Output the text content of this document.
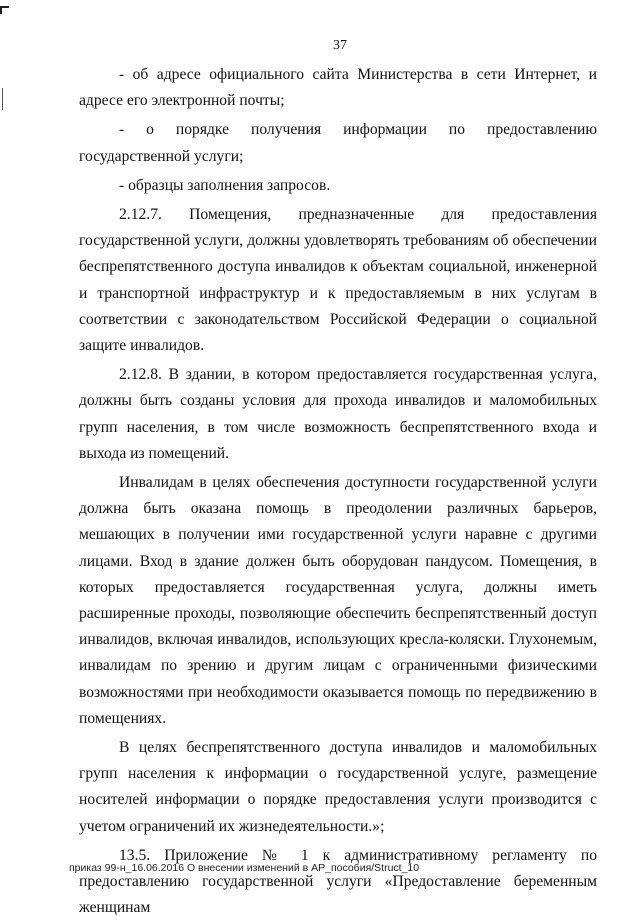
37

- об адресе официального сайта Министерства в сети Интернет, и адресе его электронной почты;

- о порядке получения информации по предоставлению государственной услуги;

- образцы заполнения запросов.

2.12.7. Помещения, предназначенные для предоставления государственной услуги, должны удовлетворять требованиям об обеспечении беспрепятственного доступа инвалидов к объектам социальной, инженерной и транспортной инфраструктур и к предоставляемым в них услугам в соответствии с законодательством Российской Федерации о социальной защите инвалидов.

2.12.8. В здании, в котором предоставляется государственная услуга, должны быть созданы условия для прохода инвалидов и маломобильных групп населения, в том числе возможность беспрепятственного входа и выхода из помещений.

Инвалидам в целях обеспечения доступности государственной услуги должна быть оказана помощь в преодолении различных барьеров, мешающих в получении ими государственной услуги наравне с другими лицами. Вход в здание должен быть оборудован пандусом. Помещения, в которых предоставляется государственная услуга, должны иметь расширенные проходы, позволяющие обеспечить беспрепятственный доступ инвалидов, включая инвалидов, использующих кресла-коляски. Глухонемым, инвалидам по зрению и другим лицам с ограниченными физическими возможностями при необходимости оказывается помощь по передвижению в помещениях.

В целях беспрепятственного доступа инвалидов и маломобильных групп населения к информации о государственной услуге, размещение носителей информации о порядке предоставления услуги производится с учетом ограничений их жизнедеятельности.»;

13.5. Приложение № 1 к административному регламенту по предоставлению государственной услуги «Предоставление беременным женщинам

приказ 99-н_16.06.2016 О внесении изменений в АР_пособия/Struct_10
